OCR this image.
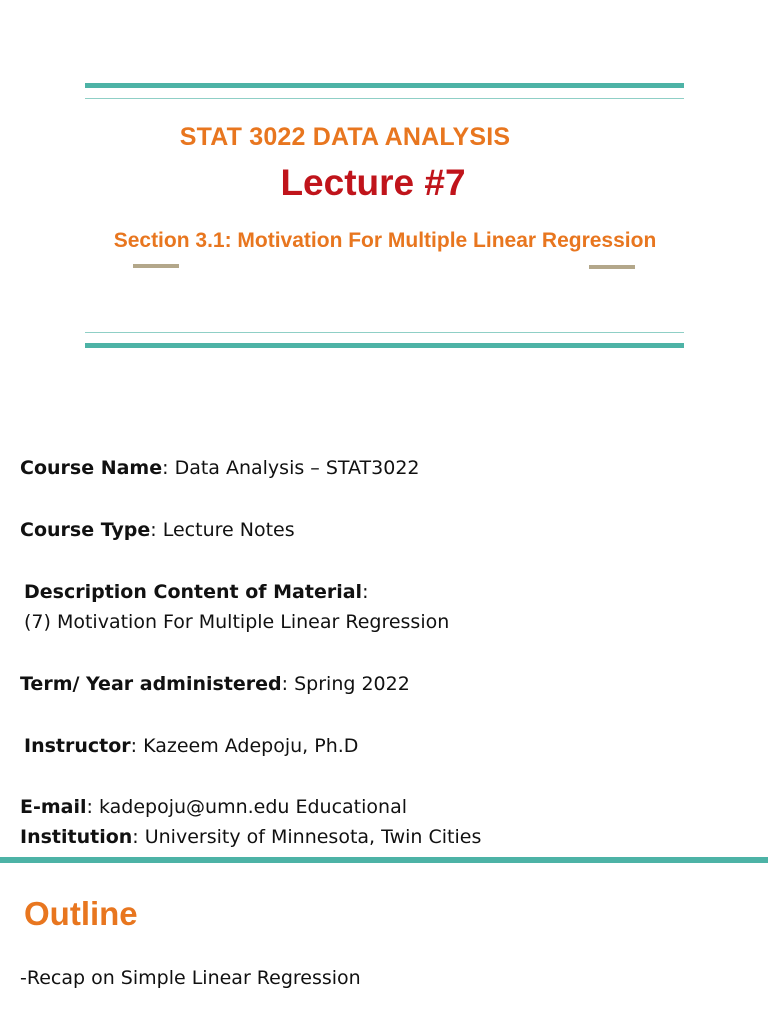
STAT 3022 DATA ANALYSIS
Lecture #7
Section 3.1: Motivation For Multiple Linear Regression
Course Name: Data Analysis – STAT3022
Course Type: Lecture Notes
Description Content of Material:
(7) Motivation For Multiple Linear Regression
Term/ Year administered: Spring 2022
Instructor: Kazeem Adepoju, Ph.D
E-mail: kadepoju@umn.edu Educational
Institution: University of Minnesota, Twin Cities
Outline
-Recap on Simple Linear Regression
